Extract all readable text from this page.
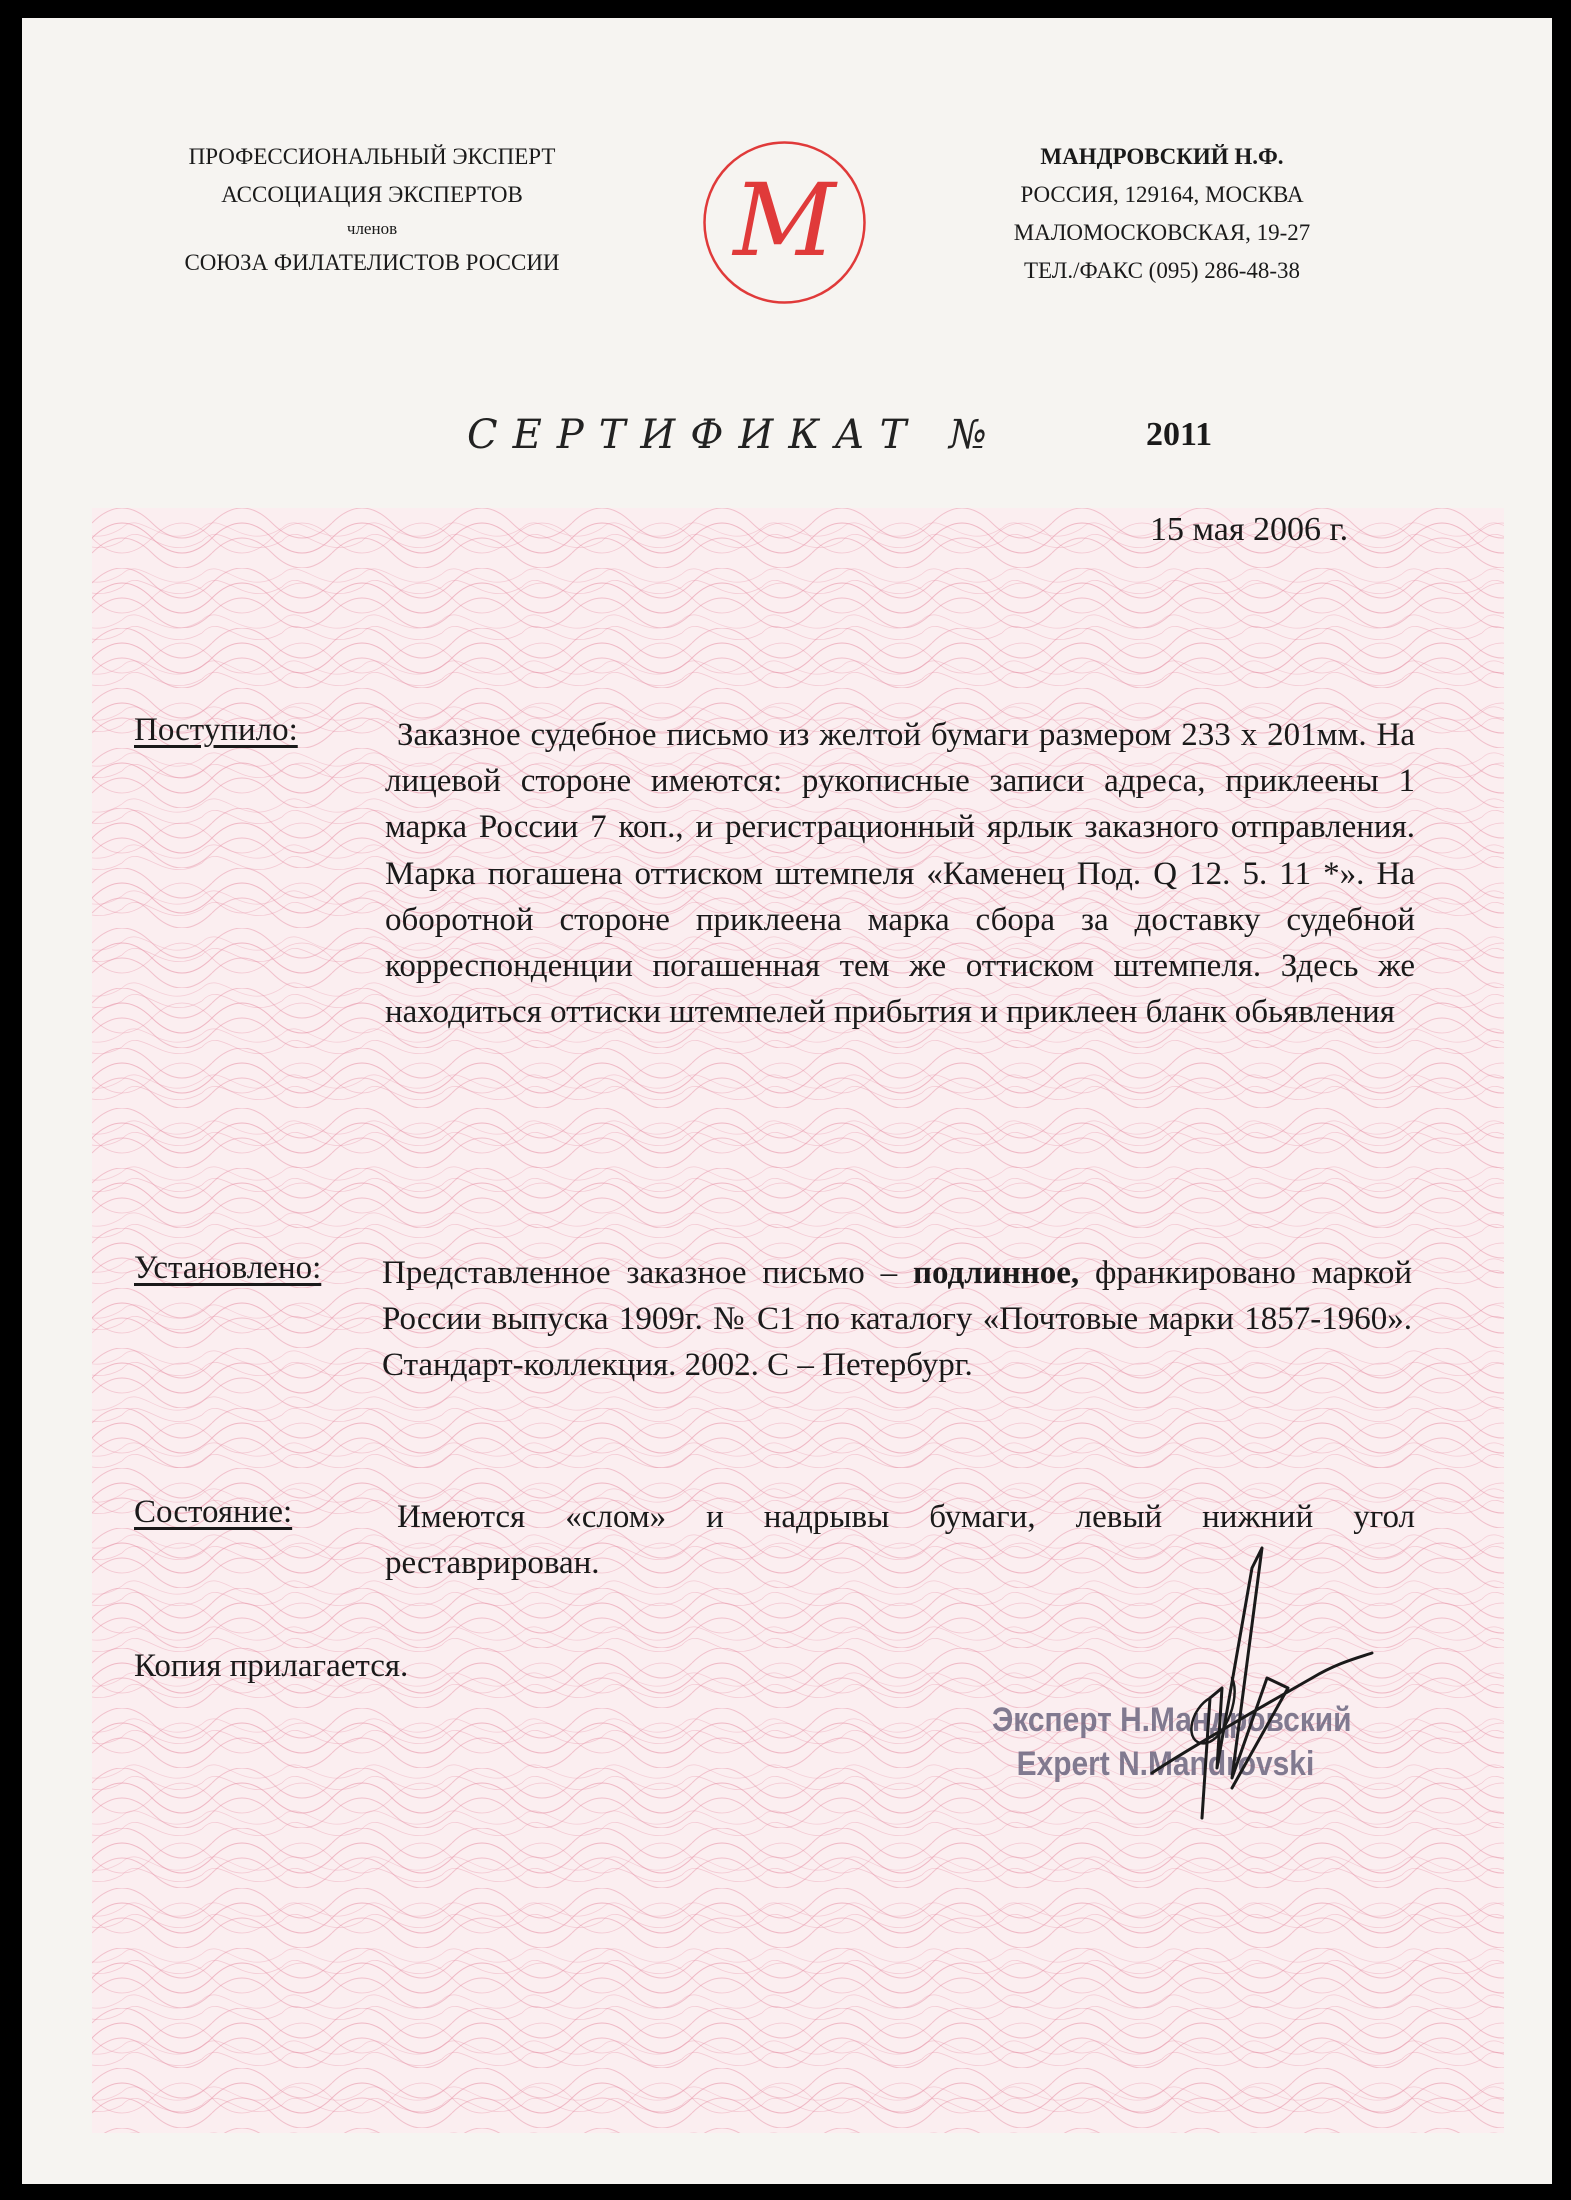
ПРОФЕССИОНАЛЬНЫЙ ЭКСПЕРТ
АССОЦИАЦИЯ ЭКСПЕРТОВ
членов
СОЮЗА ФИЛАТЕЛИСТОВ РОССИИ	М
МАНДРОВСКИЙ Н.Ф.
РОССИЯ, 129164, МОСКВА
МАЛОМОСКОВСКАЯ, 19-27
ТЕЛ./ФАКС (095) 286-48-38
СЕРТИФИКАТ №	2011
15 мая 2006 г.
Поступило:	Заказное судебное письмо из желтой бумаги размером 233 х 201мм. На лицевой стороне имеются: рукописные записи адреса, приклеены 1 марка России 7 коп., и регистрационный ярлык заказного отправления. Марка погашена оттиском штемпеля «Каменец Под. Q 12. 5. 11 *». На оборотной стороне приклеена марка сбора за доставку судебной корреспонденции погашенная тем же оттиском штемпеля. Здесь же находиться оттиски штемпелей прибытия и приклеен бланк обьявления
Установлено: Представленное заказное письмо – подлинное, франкировано маркой России выпуска 1909г. № С1 по каталогу «Почтовые марки 1857-1960». Стандарт-коллекция. 2002. С – Петербург.
Состояние:	Имеются «слом» и надрывы бумаги, левый нижний угол реставрирован.
Копия прилагается.
Эксперт Н.Мандровский
Expert N.Mandrovski
